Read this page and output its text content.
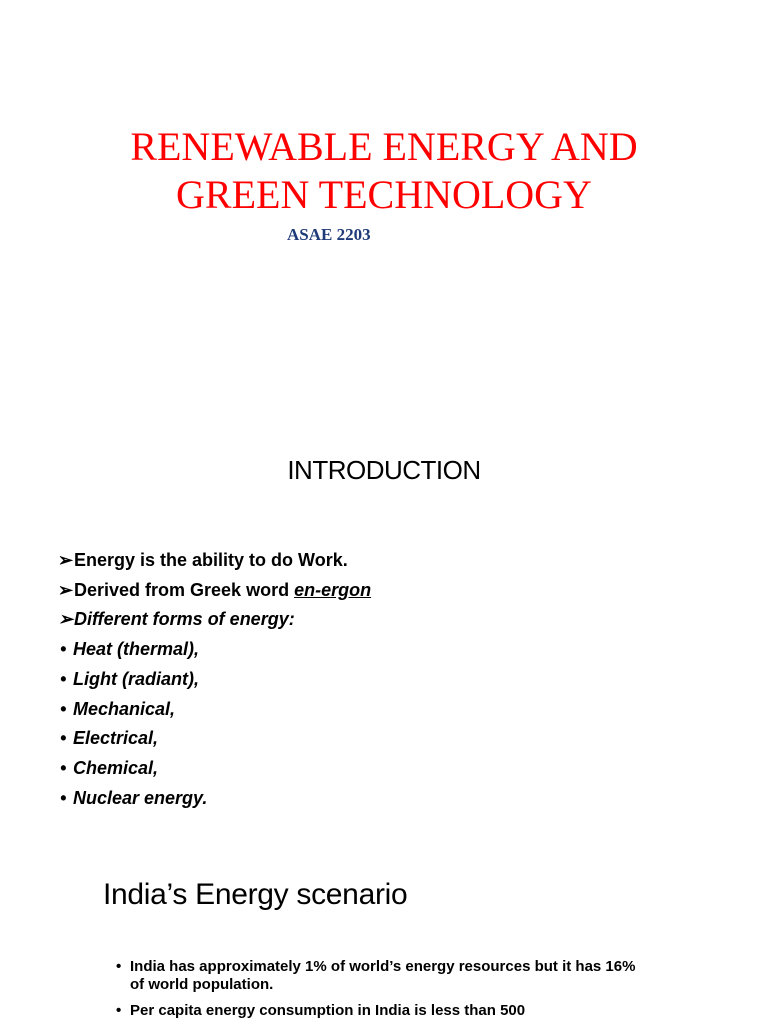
RENEWABLE ENERGY AND
GREEN TECHNOLOGY
ASAE 2203
INTRODUCTION
➢Energy is the ability to do Work.
➢Derived from Greek word en-ergon
➢Different forms of energy:
• Heat (thermal),
• Light (radiant),
• Mechanical,
• Electrical,
• Chemical,
• Nuclear energy.
India’s Energy scenario
• India has approximately 1% of world’s energy resources but it has 16% of world population.
• Per capita energy consumption in India is less than 500
